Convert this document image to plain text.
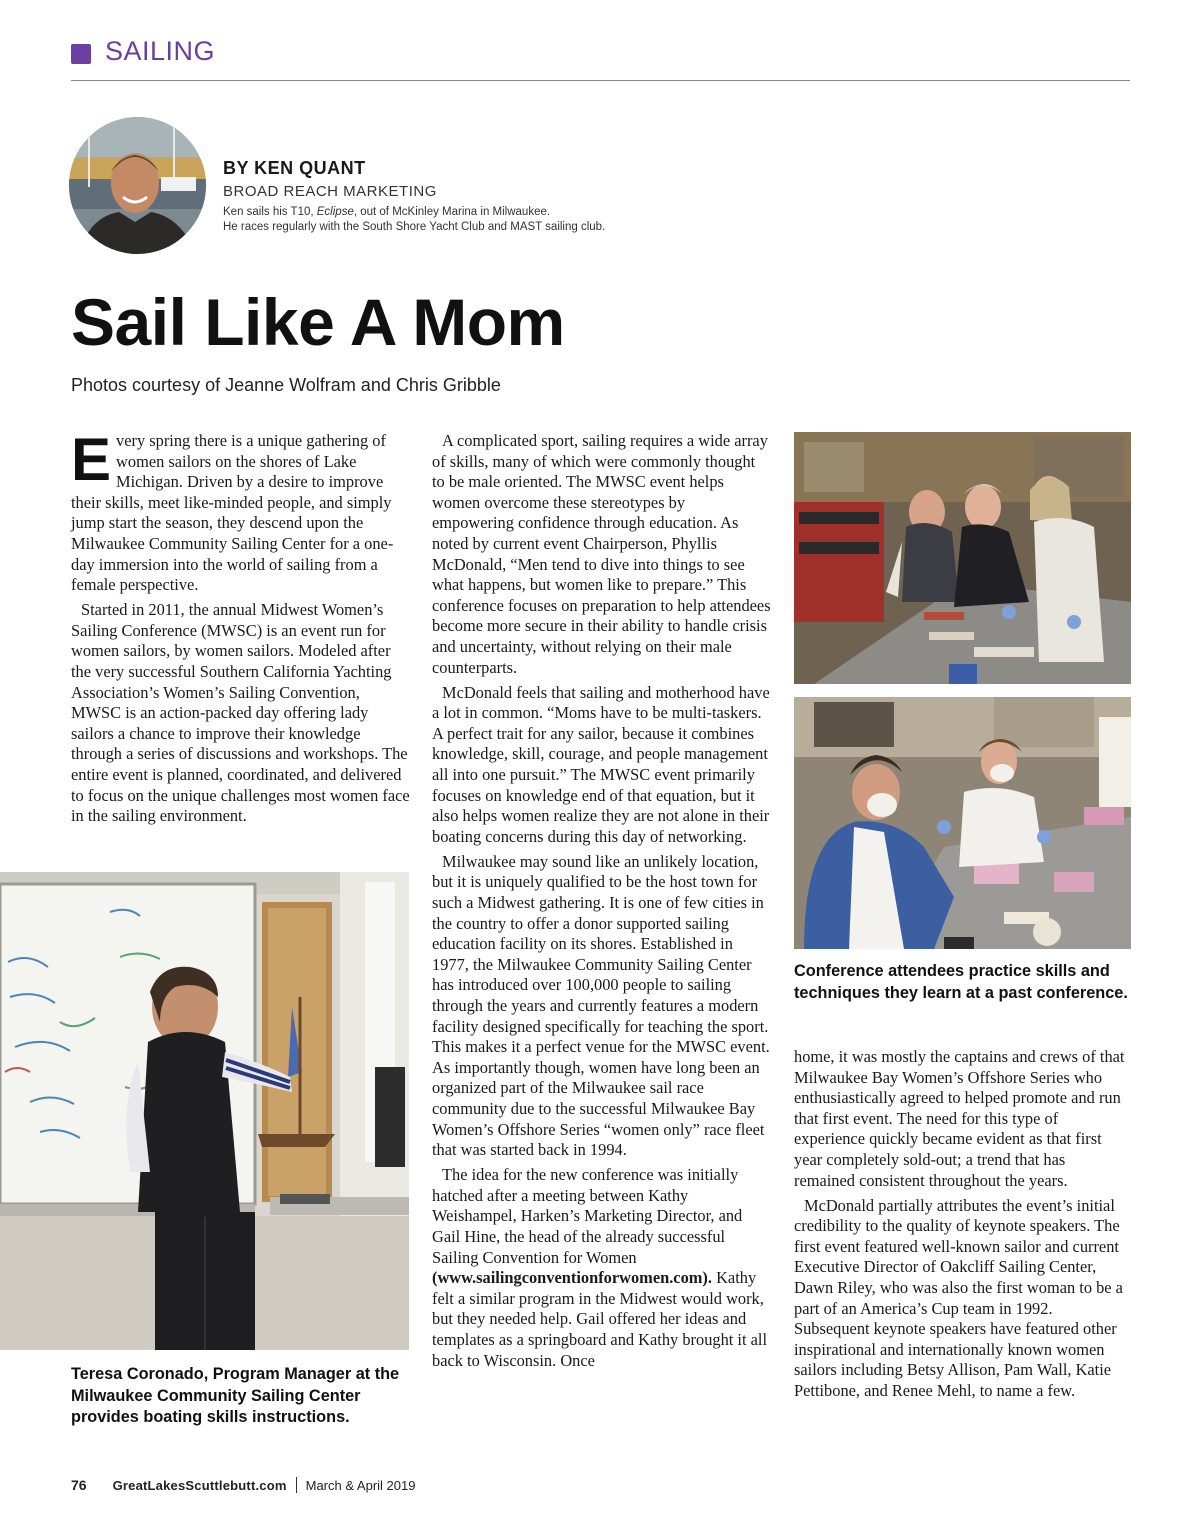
SAILING
BY KEN QUANT
BROAD REACH MARKETING
Ken sails his T10, Eclipse, out of McKinley Marina in Milwaukee.
He races regularly with the South Shore Yacht Club and MAST sailing club.
Sail Like A Mom
Photos courtesy of Jeanne Wolfram and Chris Gribble

Every spring there is a unique gathering of women sailors on the shores of Lake Michigan. Driven by a desire to improve their skills, meet like-minded people, and simply jump start the season, they descend upon the Milwaukee Community Sailing Center for a one-day immersion into the world of sailing from a female perspective.

Started in 2011, the annual Midwest Women’s Sailing Conference (MWSC) is an event run for women sailors, by women sailors. Modeled after the very successful Southern California Yachting Association’s Women’s Sailing Convention, MWSC is an action-packed day offering lady sailors a chance to improve their knowledge through a series of discussions and workshops. The entire event is planned, coordinated, and delivered to focus on the unique challenges most women face in the sailing environment.

A complicated sport, sailing requires a wide array of skills, many of which were commonly thought to be male oriented. The MWSC event helps women overcome these stereotypes by empowering confidence through education. As noted by current event Chairperson, Phyllis McDonald, “Men tend to dive into things to see what happens, but women like to prepare.” This conference focuses on preparation to help attendees become more secure in their ability to handle crisis and uncertainty, without relying on their male counterparts.

McDonald feels that sailing and motherhood have a lot in common. “Moms have to be multi-taskers. A perfect trait for any sailor, because it combines knowledge, skill, courage, and people management all into one pursuit.” The MWSC event primarily focuses on knowledge end of that equation, but it also helps women realize they are not alone in their boating concerns during this day of networking.

Milwaukee may sound like an unlikely location, but it is uniquely qualified to be the host town for such a Midwest gathering. It is one of few cities in the country to offer a donor supported sailing education facility on its shores. Established in 1977, the Milwaukee Community Sailing Center has introduced over 100,000 people to sailing through the years and currently features a modern facility designed specifically for teaching the sport. This makes it a perfect venue for the MWSC event. As importantly though, women have long been an organized part of the Milwaukee sail race community due to the successful Milwaukee Bay Women’s Offshore Series “women only” race fleet that was started back in 1994.

The idea for the new conference was initially hatched after a meeting between Kathy Weishampel, Harken’s Marketing Director, and Gail Hine, the head of the already successful Sailing Convention for Women (www.sailingconventionforwomen.com). Kathy felt a similar program in the Midwest would work, but they needed help. Gail offered her ideas and templates as a springboard and Kathy brought it all back to Wisconsin. Once

home, it was mostly the captains and crews of that Milwaukee Bay Women’s Offshore Series who enthusiastically agreed to helped promote and run that first event. The need for this type of experience quickly became evident as that first year completely sold-out; a trend that has remained consistent throughout the years.

McDonald partially attributes the event’s initial credibility to the quality of keynote speakers. The first event featured well-known sailor and current Executive Director of Oakcliff Sailing Center, Dawn Riley, who was also the first woman to be a part of an America’s Cup team in 1992. Subsequent keynote speakers have featured other inspirational and internationally known women sailors including Betsy Allison, Pam Wall, Katie Pettibone, and Renee Mehl, to name a few.

Teresa Coronado, Program Manager at the Milwaukee Community Sailing Center provides boating skills instructions.
Conference attendees practice skills and techniques they learn at a past conference.
76 GreatLakesScuttlebutt.com March & April 2019
